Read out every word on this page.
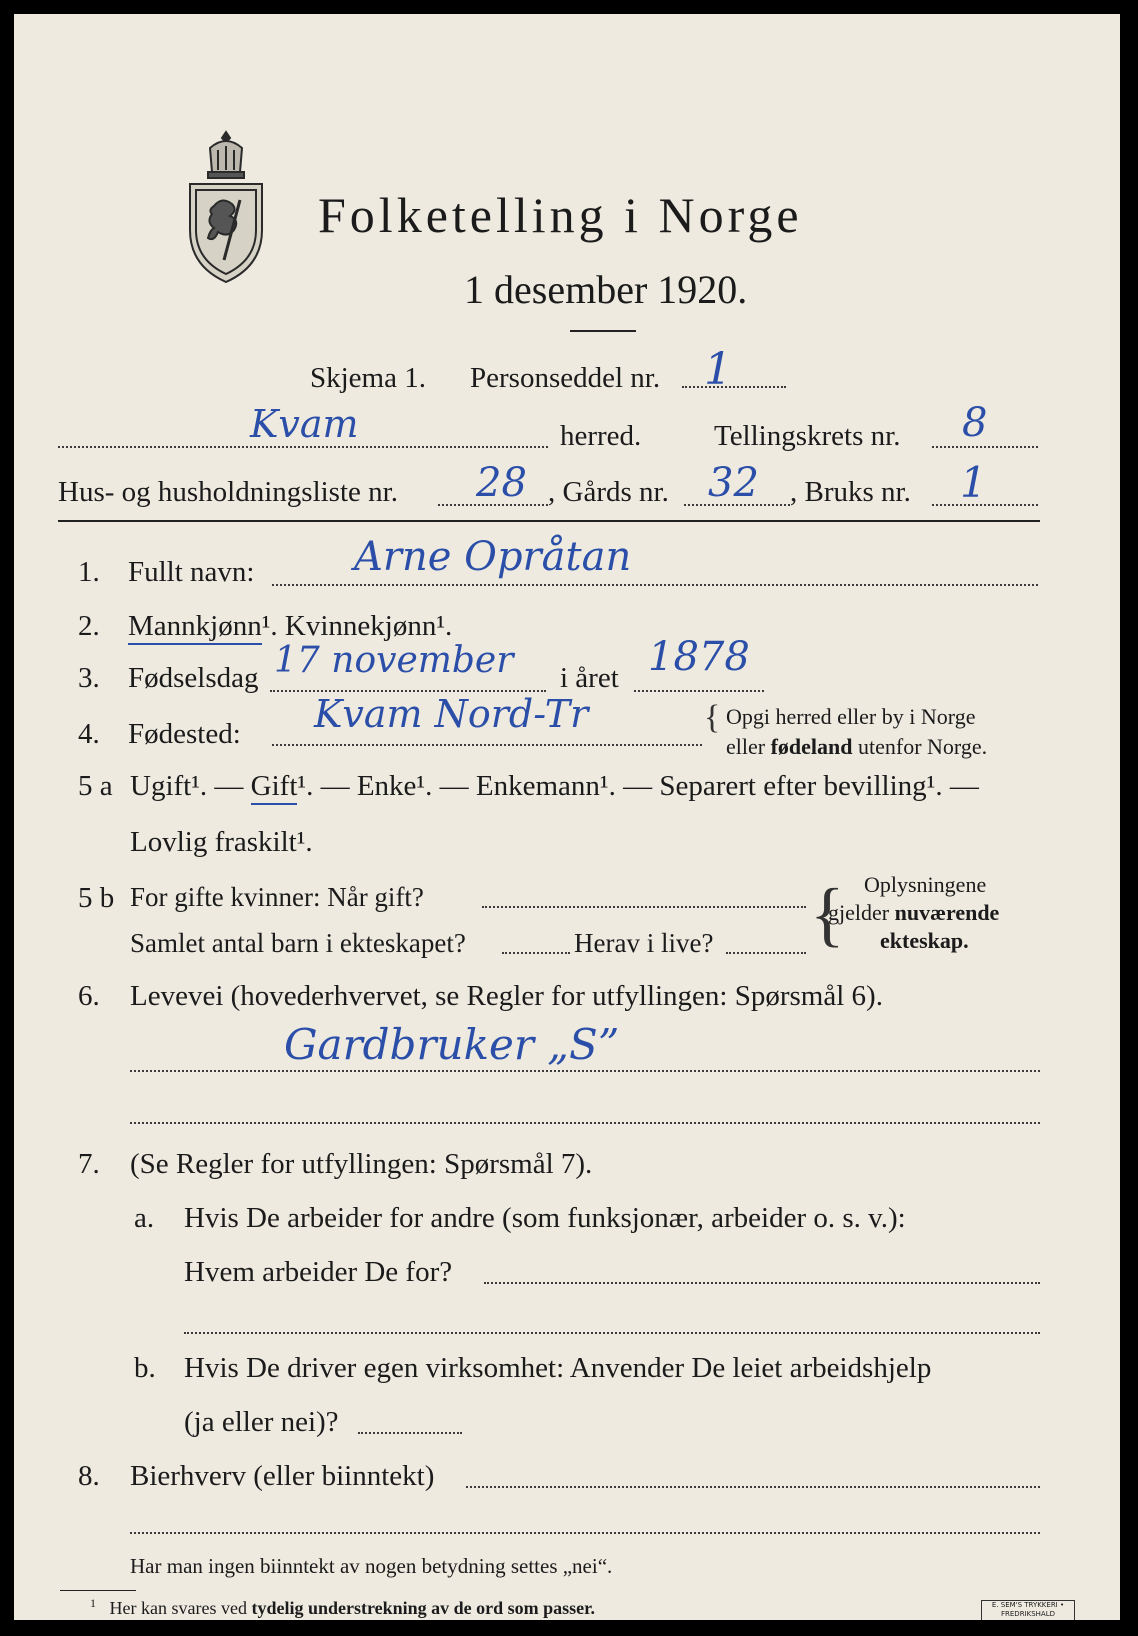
Folketelling i Norge
1 desember 1920.
Skjema 1. Personseddel nr. 1
Kvam	herred.	Tellingskrets nr. 8
Hus- og husholdningsliste nr. 28 , Gårds nr. 32 , Bruks nr. 1
1. Fullt navn: Arne Opråtan
2. Mannkjønn¹. Kvinnekjønn¹.
3. Fødselsdag 17 november i året 1878
4. Fødested: Kvam Nord-Tr	{ Opgi herred eller by i Norge
eller fødeland utenfor Norge.
5 a Ugift¹. — Gift¹. — Enke¹. — Enkemann¹. — Separert efter bevilling¹. —
Lovlig fraskilt¹.
5 b For gifte kvinner: Når gift?
Samlet antal barn i ekteskapet?	Herav i live? { Oplysningene
gjelder nuværende
ekteskap.
6. Levevei (hovederhvervet, se Regler for utfyllingen: Spørsmål 6).
Gardbruker „S”
7. (Se Regler for utfyllingen: Spørsmål 7).
a. Hvis De arbeider for andre (som funksjonær, arbeider o. s. v.):
Hvem arbeider De for?
b. Hvis De driver egen virksomhet: Anvender De leiet arbeidshjelp
(ja eller nei)?
8. Bierhverv (eller biinntekt)
Har man ingen biinntekt av nogen betydning settes „nei“.
$^1$ Her kan svares ved tydelig understrekning av de ord som passer.	E. SEM'S TRYKKERI • FREDRIKSHALD
